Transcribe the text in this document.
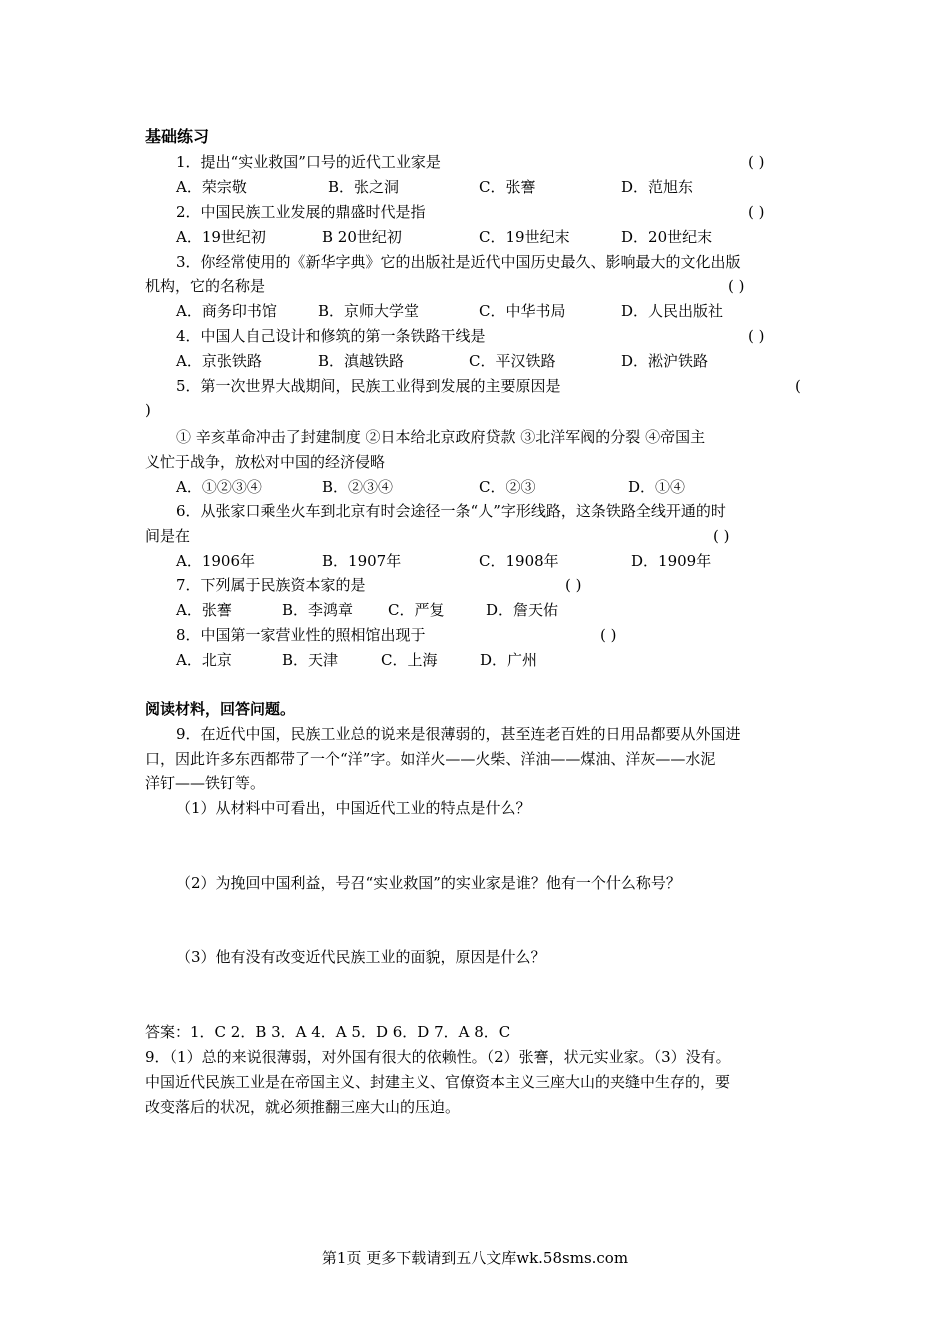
基础练习
1．提出“实业救国”口号的近代工业家是	( )
A．荣宗敬	B．张之洞	C．张謇	D．范旭东
2．中国民族工业发展的鼎盛时代是指	( )
A．19世纪初	B 20世纪初	C．19世纪末	D．20世纪末
3．你经常使用的《新华字典》它的出版社是近代中国历史最久、影响最大的文化出版
机构，它的名称是	( )
A．商务印书馆	B．京师大学堂	C．中华书局	D．人民出版社
4．中国人自己设计和修筑的第一条铁路干线是	( )
A．京张铁路	B．滇越铁路	C．平汉铁路	D．淞沪铁路
5．第一次世界大战期间，民族工业得到发展的主要原因是	(
)
① 辛亥革命冲击了封建制度 ②日本给北京政府贷款 ③北洋军阀的分裂 ④帝国主
义忙于战争，放松对中国的经济侵略
A．①②③④	B．②③④	C．②③	D．①④
6．从张家口乘坐火车到北京有时会途径一条“人”字形线路，这条铁路全线开通的时
间是在	( )
A．1906年	B．1907年	C．1908年	D．1909年
7．下列属于民族资本家的是	( )
A．张謇	B．李鸿章 C．严复	D．詹天佑
8．中国第一家营业性的照相馆出现于	( )
A．北京	B．天津	C．上海	D．广州
阅读材料，回答问题。
9．在近代中国，民族工业总的说来是很薄弱的，甚至连老百姓的日用品都要从外国进
口，因此许多东西都带了一个“洋”字。如洋火——火柴、洋油——煤油、洋灰——水泥
洋钉——铁钉等。
（1）从材料中可看出，中国近代工业的特点是什么？
（2）为挽回中国利益，号召“实业救国”的实业家是谁？他有一个什么称号？
（3）他有没有改变近代民族工业的面貌，原因是什么？
答案：1．C 2．B 3．A 4．A 5．D 6．D 7．A 8．C
9．（1）总的来说很薄弱，对外国有很大的依赖性。（2）张謇，状元实业家。（3）没有。
中国近代民族工业是在帝国主义、封建主义、官僚资本主义三座大山的夹缝中生存的，要
改变落后的状况，就必须推翻三座大山的压迫。
第1页 更多下载请到五八文库wk.58sms.com
